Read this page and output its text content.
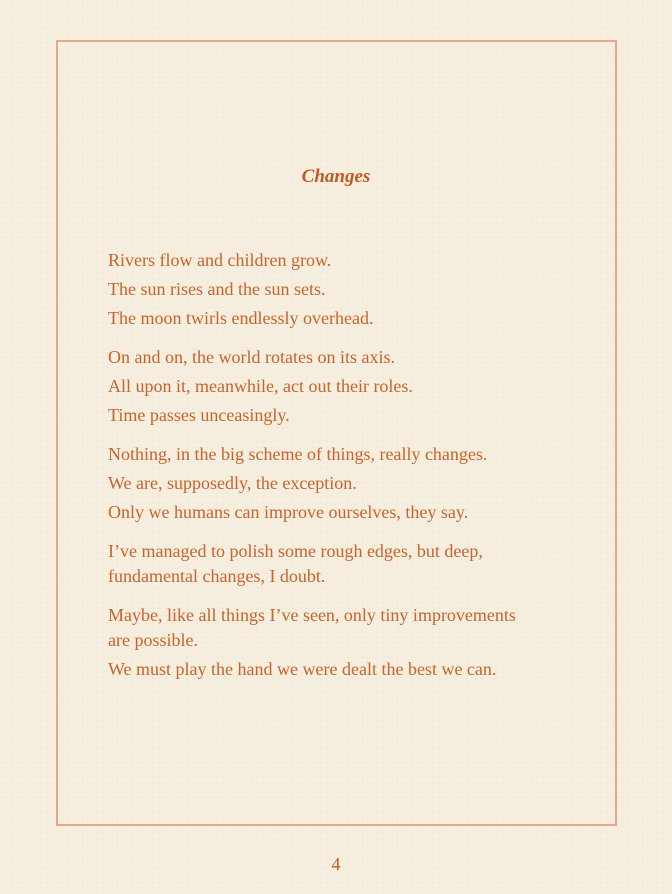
Changes
Rivers flow and children grow.
The sun rises and the sun sets.
The moon twirls endlessly overhead.
On and on, the world rotates on its axis.
All upon it, meanwhile, act out their roles.
Time passes unceasingly.
Nothing, in the big scheme of things, really changes.
We are, supposedly, the exception.
Only we humans can improve ourselves, they say.
I’ve managed to polish some rough edges, but deep,
fundamental changes, I doubt.
Maybe, like all things I’ve seen, only tiny improvements
are possible.
We must play the hand we were dealt the best we can.
4
